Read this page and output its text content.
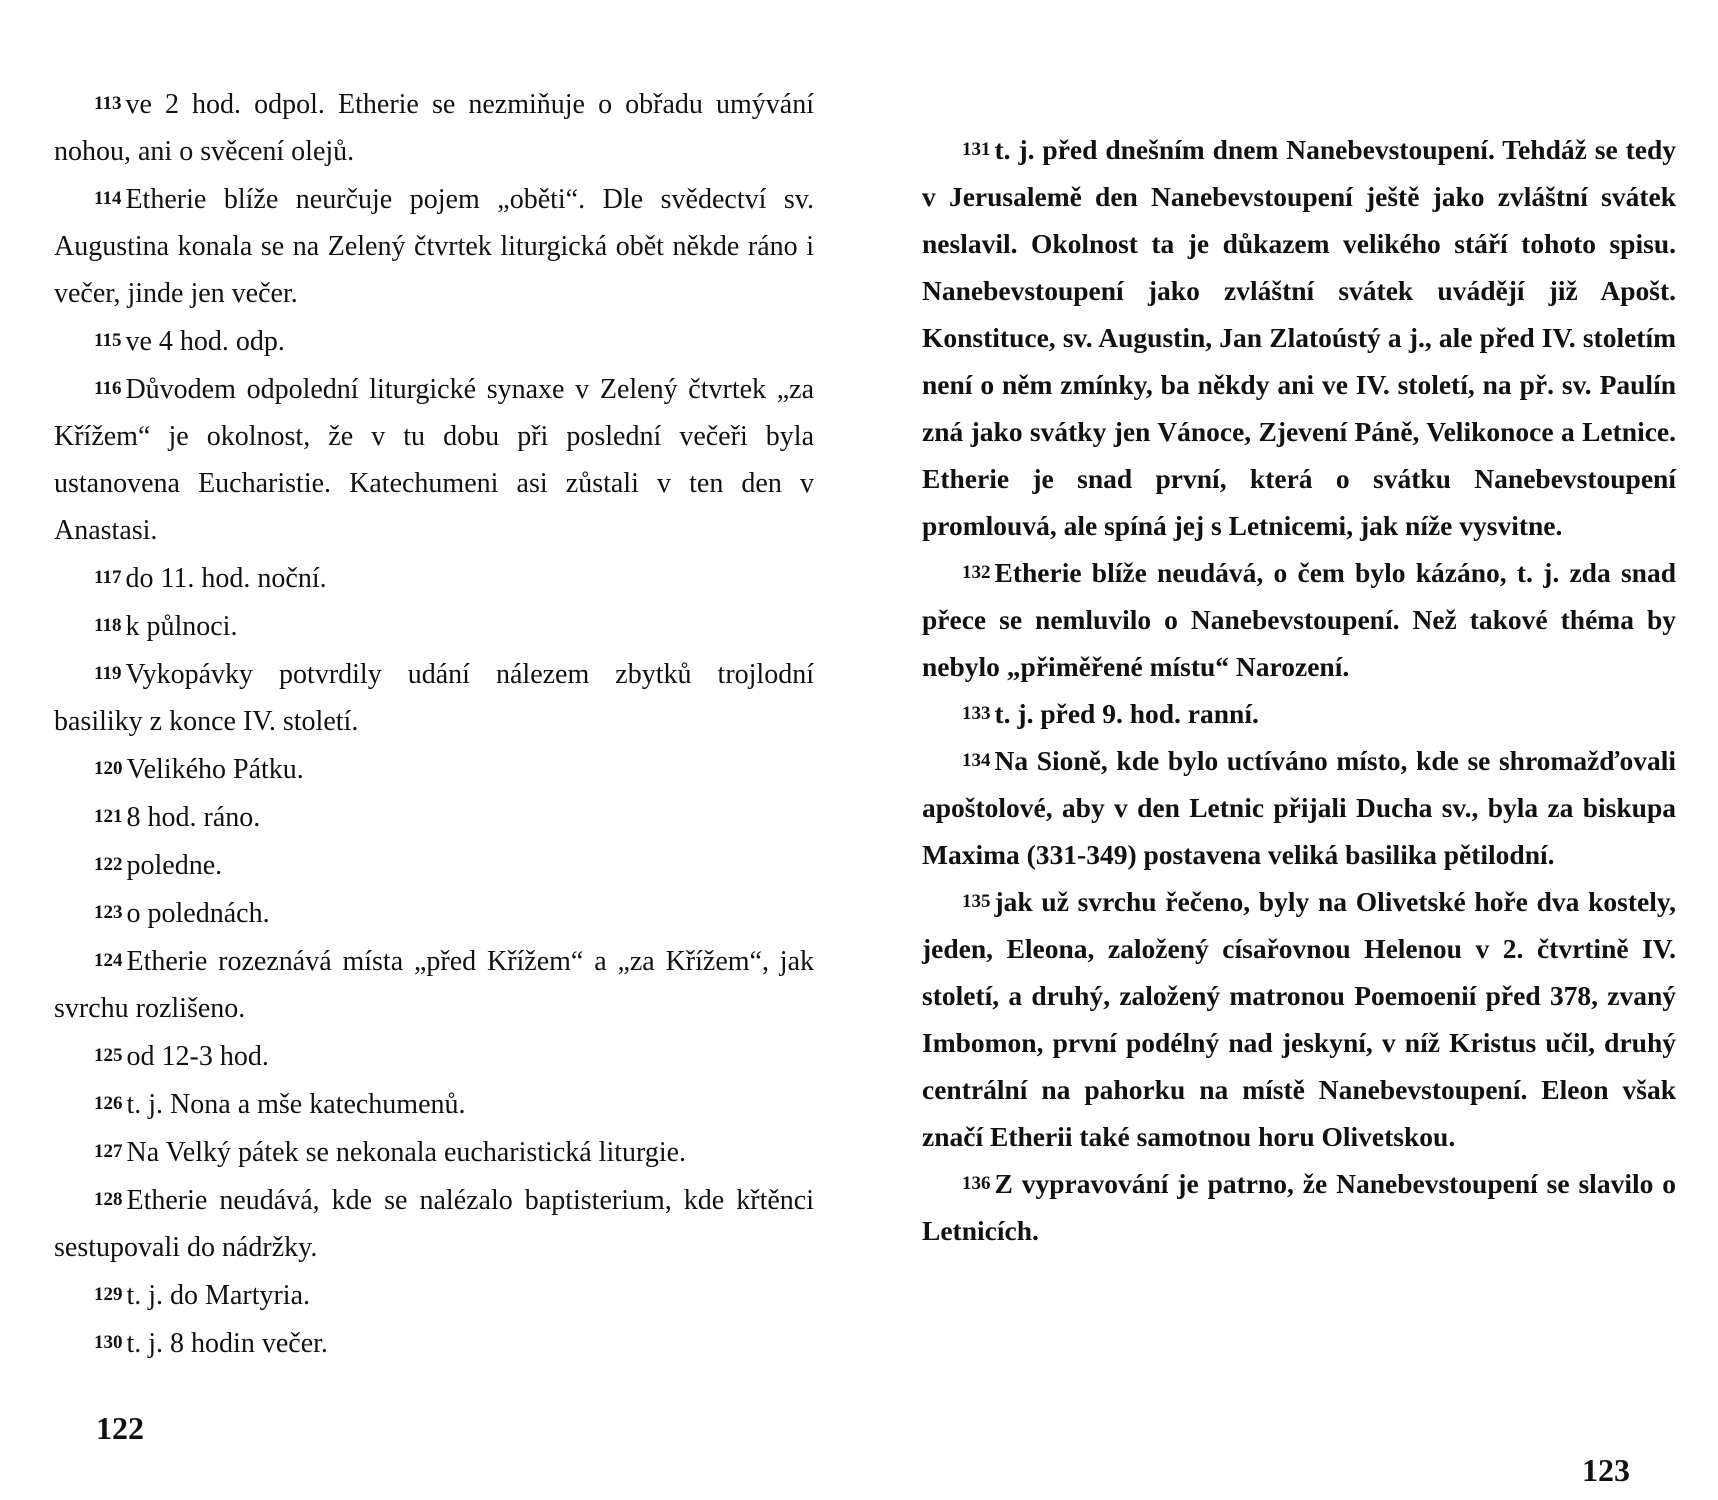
113 ve 2 hod. odpol. Etherie se nezmiňuje o obřadu umývání nohou, ani o svěcení olejů.

114 Etherie blíže neurčuje pojem „oběti“. Dle svědectví sv. Augustina konala se na Zelený čtvrtek liturgická obět někde ráno i večer, jinde jen večer.

115 ve 4 hod. odp.

116 Důvodem odpolední liturgické synaxe v Zelený čtvrtek „za Křížem“ je okolnost, že v tu dobu při poslední večeři byla ustanovena Eucharistie. Katechumeni asi zůstali v ten den v Anastasi.

117 do 11. hod. noční.

118 k půlnoci.

119 Vykopávky potvrdily udání nálezem zbytků trojlodní basiliky z konce IV. století.

120 Velikého Pátku.

121 8 hod. ráno.

122 poledne.

123 o polednách.

124 Etherie rozeznává místa „před Křížem“ a „za Křížem“, jak svrchu rozlišeno.

125 od 12-3 hod.

126 t. j. Nona a mše katechumenů.

127 Na Velký pátek se nekonala eucharistická liturgie.

128 Etherie neudává, kde se nalézalo baptisterium, kde křtěnci sestupovali do nádržky.

129 t. j. do Martyria.

130 t. j. 8 hodin večer.

122

131 t. j. před dnešním dnem Nanebevstoupení. Tehdáž se tedy v Jerusalemě den Nanebevstoupení ještě jako zvláštní svátek neslavil. Okolnost ta je důkazem velikého stáří tohoto spisu. Nanebevstoupení jako zvláštní svátek uvádějí již Apošt. Konstituce, sv. Augustin, Jan Zlatoústý a j., ale před IV. stoletím není o něm zmínky, ba někdy ani ve IV. století, na př. sv. Paulín zná jako svátky jen Vánoce, Zjevení Páně, Velikonoce a Letnice. Etherie je snad první, která o svátku Nanebevstoupení promlouvá, ale spíná jej s Letnicemi, jak níže vysvitne.

132 Etherie blíže neudává, o čem bylo kázáno, t. j. zda snad přece se nemluvilo o Nanebevstoupení. Než takové théma by nebylo „přiměřené místu“ Narození.

133 t. j. před 9. hod. ranní.

134 Na Sioně, kde bylo uctíváno místo, kde se shromažďovali apoštolové, aby v den Letnic přijali Ducha sv., byla za biskupa Maxima (331-349) postavena veliká basilika pětilodní.

135 jak už svrchu řečeno, byly na Olivetské hoře dva kostely, jeden, Eleona, založený císařovnou Helenou v 2. čtvrtině IV. století, a druhý, založený matronou Poemoenií před 378, zvaný Imbomon, první podélný nad jeskyní, v níž Kristus učil, druhý centrální na pahorku na místě Nanebevstoupení. Eleon však značí Etherii také samotnou horu Olivetskou.

136 Z vypravování je patrno, že Nanebevstoupení se slavilo o Letnicích.

123
